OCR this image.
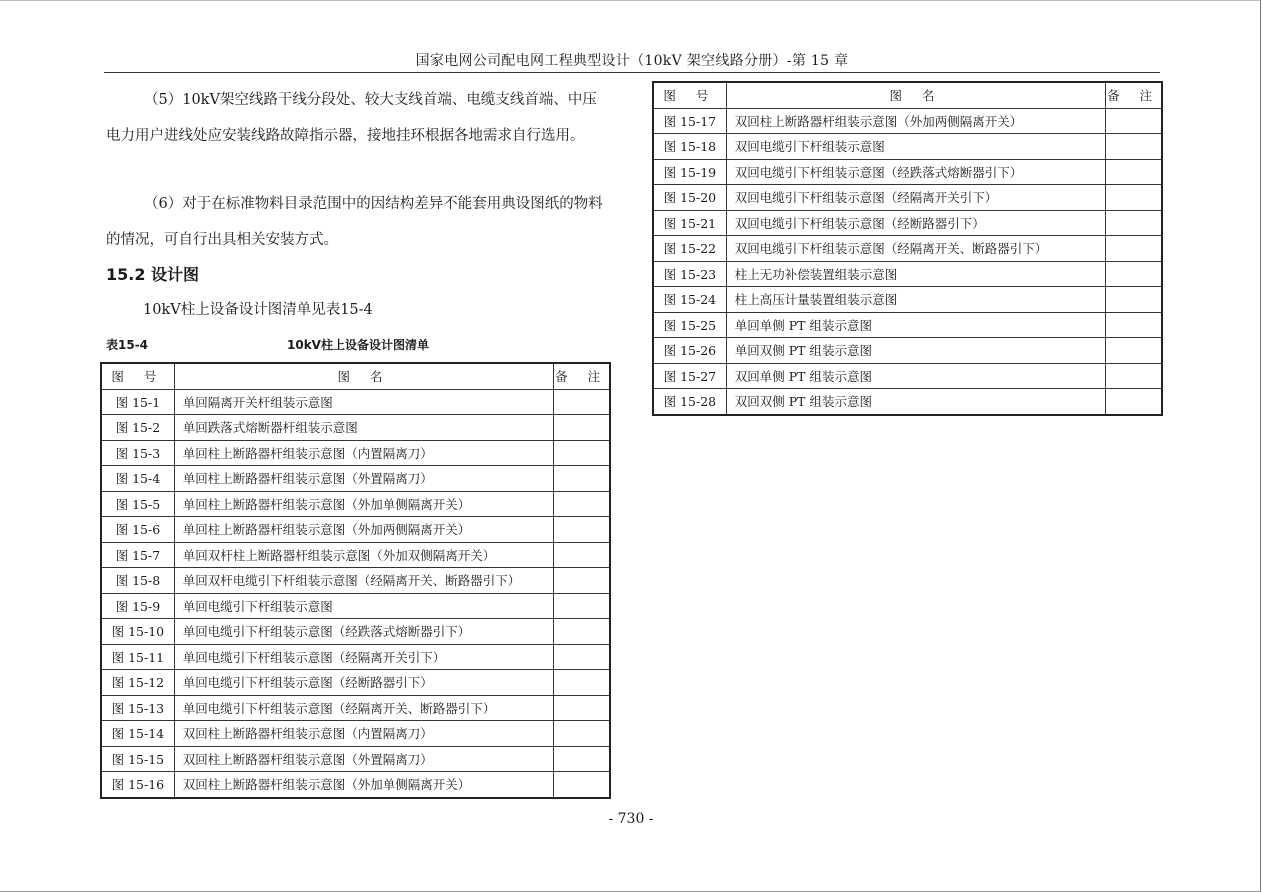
国家电网公司配电网工程典型设计（10kV 架空线路分册）-第 15 章
（5）10kV架空线路干线分段处、较大支线首端、电缆支线首端、中压电力用户进线处应安装线路故障指示器，接地挂环根据各地需求自行选用。
（6）对于在标准物料目录范围中的因结构差异不能套用典设图纸的物料的情况，可自行出具相关安装方式。
15.2 设计图
10kV柱上设备设计图清单见表15-4
表15-4	10kV柱上设备设计图清单
图 号	图 名	备 注
图 15-1	单回隔离开关杆组装示意图	
图 15-2	单回跌落式熔断器杆组装示意图	
图 15-3	单回柱上断路器杆组装示意图（内置隔离刀）	
图 15-4	单回柱上断路器杆组装示意图（外置隔离刀）	
图 15-5	单回柱上断路器杆组装示意图（外加单侧隔离开关）	
图 15-6	单回柱上断路器杆组装示意图（外加两侧隔离开关）	
图 15-7	单回双杆柱上断路器杆组装示意图（外加双侧隔离开关）	
图 15-8	单回双杆电缆引下杆组装示意图（经隔离开关、断路器引下）	
图 15-9	单回电缆引下杆组装示意图	
图 15-10	单回电缆引下杆组装示意图（经跌落式熔断器引下）	
图 15-11	单回电缆引下杆组装示意图（经隔离开关引下）	
图 15-12	单回电缆引下杆组装示意图（经断路器引下）	
图 15-13	单回电缆引下杆组装示意图（经隔离开关、断路器引下）	
图 15-14	双回柱上断路器杆组装示意图（内置隔离刀）	
图 15-15	双回柱上断路器杆组装示意图（外置隔离刀）	
图 15-16	双回柱上断路器杆组装示意图（外加单侧隔离开关）	
图 号	图 名	备 注
图 15-17	双回柱上断路器杆组装示意图（外加两侧隔离开关）	
图 15-18	双回电缆引下杆组装示意图	
图 15-19	双回电缆引下杆组装示意图（经跌落式熔断器引下）	
图 15-20	双回电缆引下杆组装示意图（经隔离开关引下）	
图 15-21	双回电缆引下杆组装示意图（经断路器引下）	
图 15-22	双回电缆引下杆组装示意图（经隔离开关、断路器引下）	
图 15-23	柱上无功补偿装置组装示意图	
图 15-24	柱上高压计量装置组装示意图	
图 15-25	单回单侧 PT 组装示意图	
图 15-26	单回双侧 PT 组装示意图	
图 15-27	双回单侧 PT 组装示意图	
图 15-28	双回双侧 PT 组装示意图	
- 730 -
